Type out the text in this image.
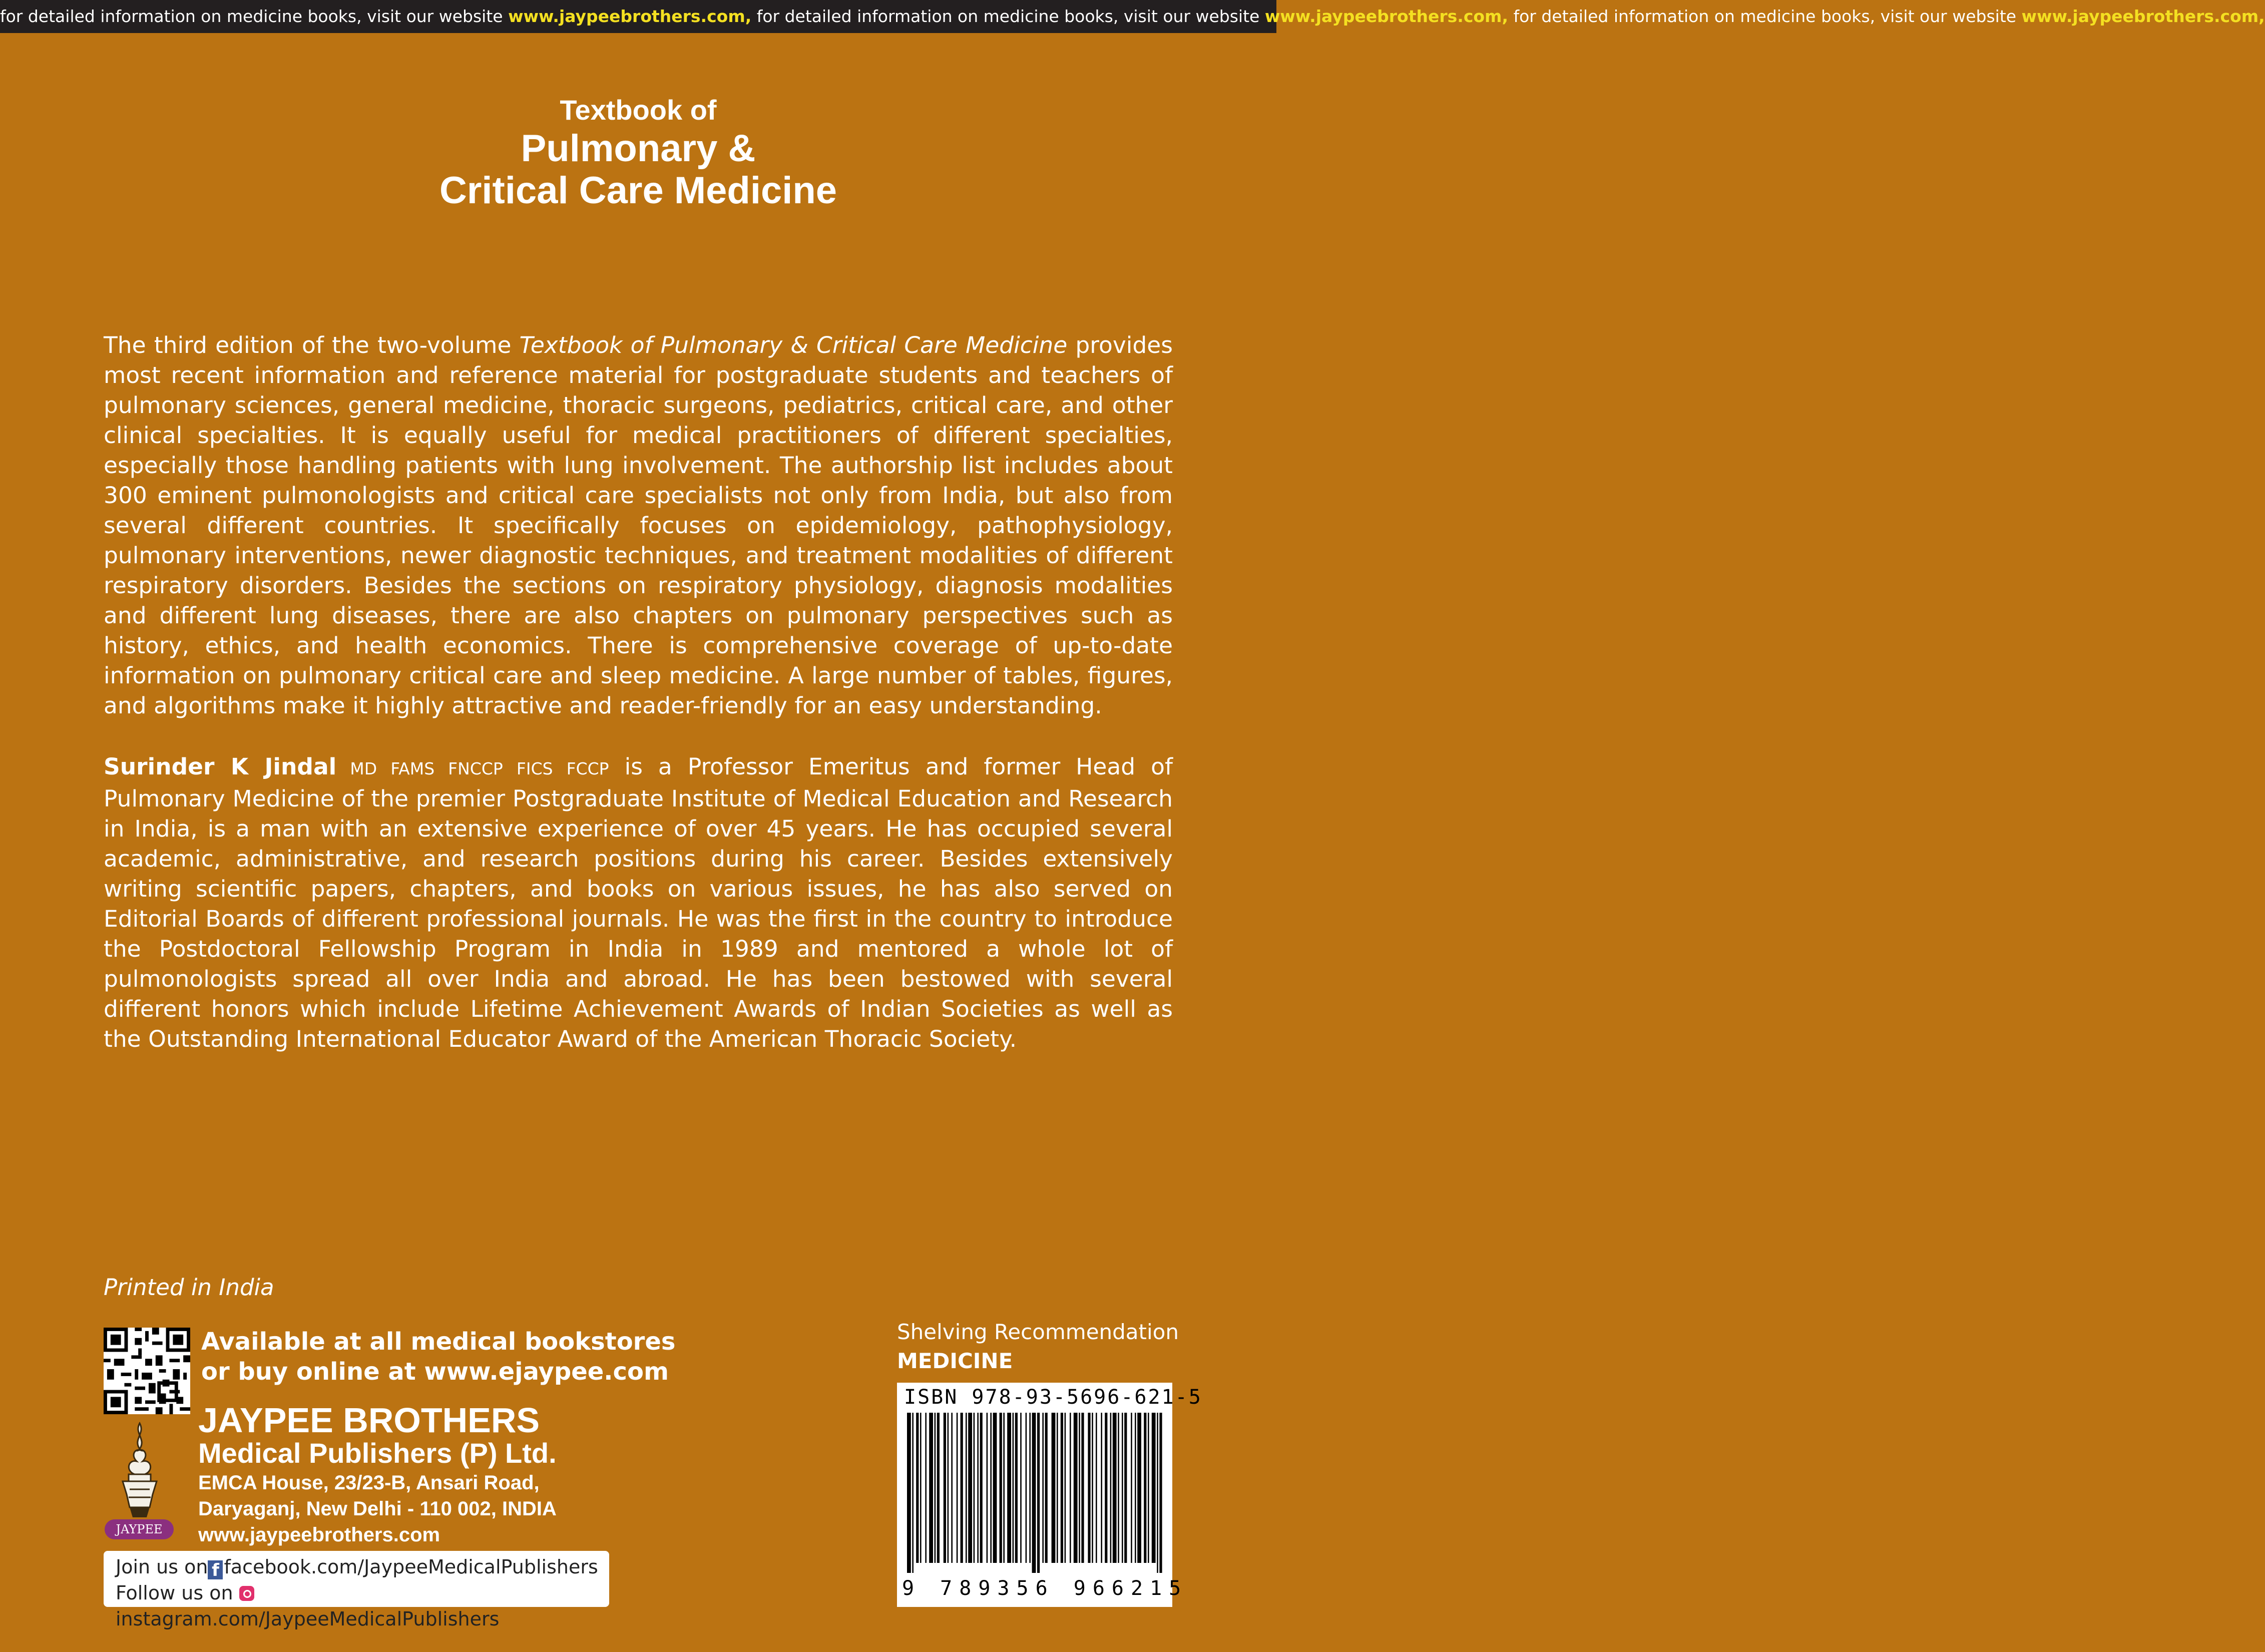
for detailed information on medicine books, visit our website www.jaypeebrothers.com, for detailed information on medicine books, visit our website www.jaypeebrothers.com, for detailed information on medicine books, visit our website www.jaypeebrothers.com,
Textbook of
Pulmonary &
Critical Care Medicine
The third edition of the two-volume Textbook of Pulmonary & Critical Care Medicine provides most recent information and reference material for postgraduate students and teachers of pulmonary sciences, general medicine, thoracic surgeons, pediatrics, critical care, and other clinical specialties. It is equally useful for medical practitioners of different specialties, especially those handling patients with lung involvement. The authorship list includes about 300 eminent pulmonologists and critical care specialists not only from India, but also from several different countries. It specifically focuses on epidemiology, pathophysiology, pulmonary interventions, newer diagnostic techniques, and treatment modalities of different respiratory disorders. Besides the sections on respiratory physiology, diagnosis modalities and different lung diseases, there are also chapters on pulmonary perspectives such as history, ethics, and health economics. There is comprehensive coverage of up-to-date information on pulmonary critical care and sleep medicine. A large number of tables, figures, and algorithms make it highly attractive and reader-friendly for an easy understanding.
Surinder K Jindal MD FAMS FNCCP FICS FCCP is a Professor Emeritus and former Head of Pulmonary Medicine of the premier Postgraduate Institute of Medical Education and Research in India, is a man with an extensive experience of over 45 years. He has occupied several academic, administrative, and research positions during his career. Besides extensively writing scientific papers, chapters, and books on various issues, he has also served on Editorial Boards of different professional journals. He was the first in the country to introduce the Postdoctoral Fellowship Program in India in 1989 and mentored a whole lot of pulmonologists spread all over India and abroad. He has been bestowed with several different honors which include Lifetime Achievement Awards of Indian Societies as well as the Outstanding International Educator Award of the American Thoracic Society.
Printed in India
Available at all medical bookstores
or buy online at www.ejaypee.com
JAYPEE
JAYPEE BROTHERS
Medical Publishers (P) Ltd.
EMCA House, 23/23-B, Ansari Road,
Daryaganj, New Delhi - 110 002, INDIA
www.jaypeebrothers.com
Join us on f facebook.com/JaypeeMedicalPublishers
Follow us on instagram.com/JaypeeMedicalPublishers
Shelving Recommendation
MEDICINE
ISBN 978-93-5696-621-5
9 789356 966215
